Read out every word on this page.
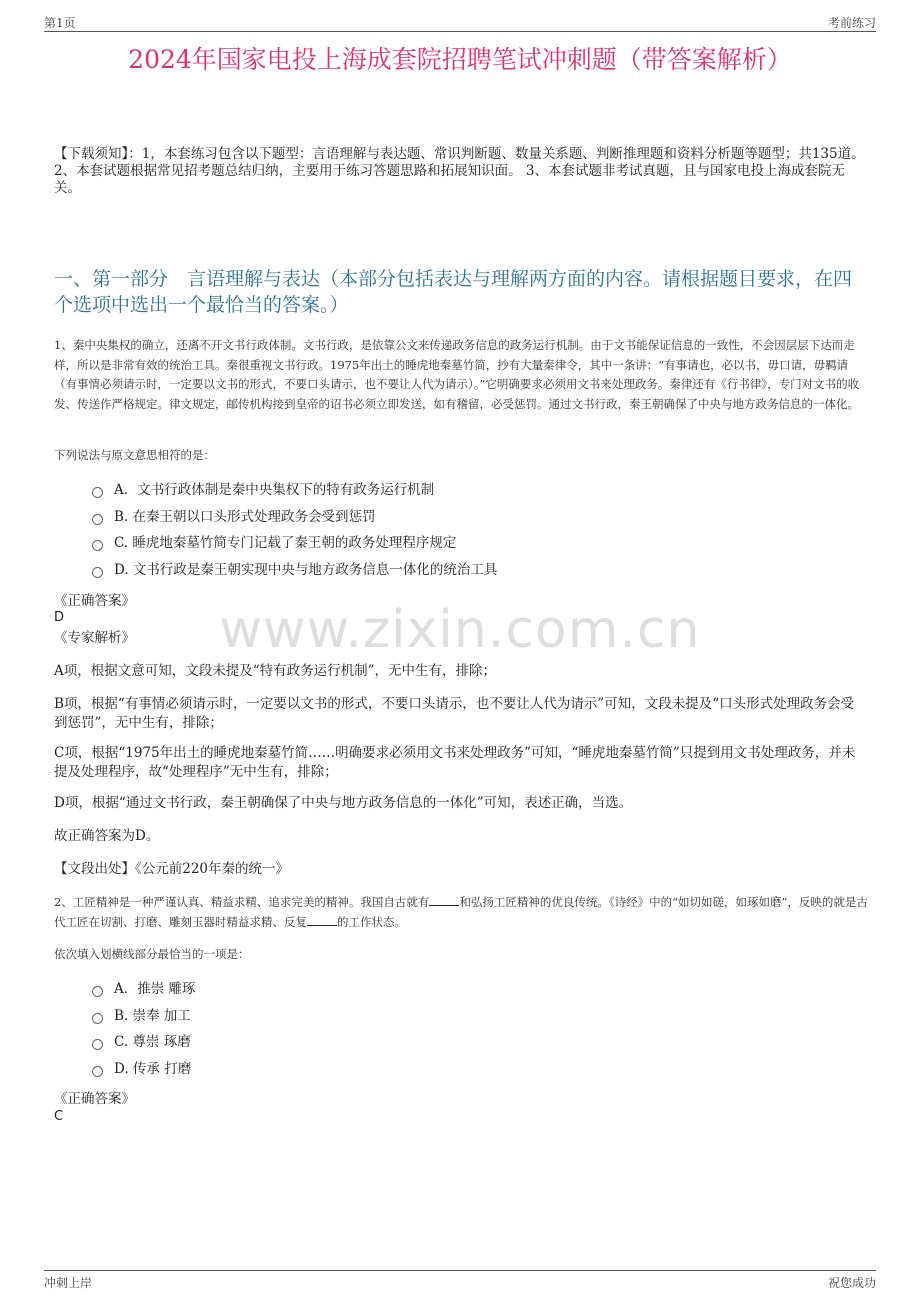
第1页	考前练习
2024年国家电投上海成套院招聘笔试冲刺题（带答案解析）
【下载须知】：1，本套练习包含以下题型：言语理解与表达题、常识判断题、数量关系题、判断推理题和资料分析题等题型；共135道。 2、本套试题根据常见招考题总结归纳，主要用于练习答题思路和拓展知识面。 3、本套试题非考试真题，且与国家电投上海成套院无关。
一、第一部分　言语理解与表达（本部分包括表达与理解两方面的内容。请根据题目要求，在四个选项中选出一个最恰当的答案。）
1、秦中央集权的确立，还离不开文书行政体制。文书行政，是依靠公文来传递政务信息的政务运行机制。由于文书能保证信息的一致性，不会因层层下达而走样，所以是非常有效的统治工具。秦很重视文书行政。1975年出土的睡虎地秦墓竹简，抄有大量秦律令，其中一条讲：“有事请也，必以书，毋口请，毋羁请（有事情必须请示时，一定要以文书的形式，不要口头请示，也不要让人代为请示）。”它明确要求必须用文书来处理政务。秦律还有《行书律》，专门对文书的收发、传送作严格规定。律文规定，邮传机构接到皇帝的诏书必须立即发送，如有稽留，必受惩罚。通过文书行政，秦王朝确保了中央与地方政务信息的一体化。
下列说法与原文意思相符的是：
A．文书行政体制是秦中央集权下的特有政务运行机制
B. 在秦王朝以口头形式处理政务会受到惩罚
C. 睡虎地秦墓竹简专门记载了秦王朝的政务处理程序规定
D. 文书行政是秦王朝实现中央与地方政务信息一体化的统治工具
www.zixin.com.cn
《正确答案》
D
《专家解析》
A项，根据文意可知，文段未提及“特有政务运行机制”，无中生有，排除；
B项，根据“有事情必须请示时，一定要以文书的形式，不要口头请示，也不要让人代为请示”可知，文段未提及“口头形式处理政务会受到惩罚”，无中生有，排除；
C项，根据“1975年出土的睡虎地秦墓竹简……明确要求必须用文书来处理政务”可知，“睡虎地秦墓竹简”只提到用文书处理政务，并未提及处理程序，故“处理程序”无中生有，排除；
D项，根据“通过文书行政，秦王朝确保了中央与地方政务信息的一体化”可知，表述正确，当选。
故正确答案为D。
【文段出处】《公元前220年秦的统一》
2、工匠精神是一种严谨认真、精益求精、追求完美的精神。我国自古就有	和弘扬工匠精神的优良传统。《诗经》中的“如切如磋，如琢如磨”，反映的就是古代工匠在切割、打磨、雕刻玉器时精益求精、反复	的工作状态。
依次填入划横线部分最恰当的一项是：
A．推崇 雕琢
B. 崇奉 加工
C. 尊崇 琢磨
D. 传承 打磨
《正确答案》
C
冲刺上岸	祝您成功
